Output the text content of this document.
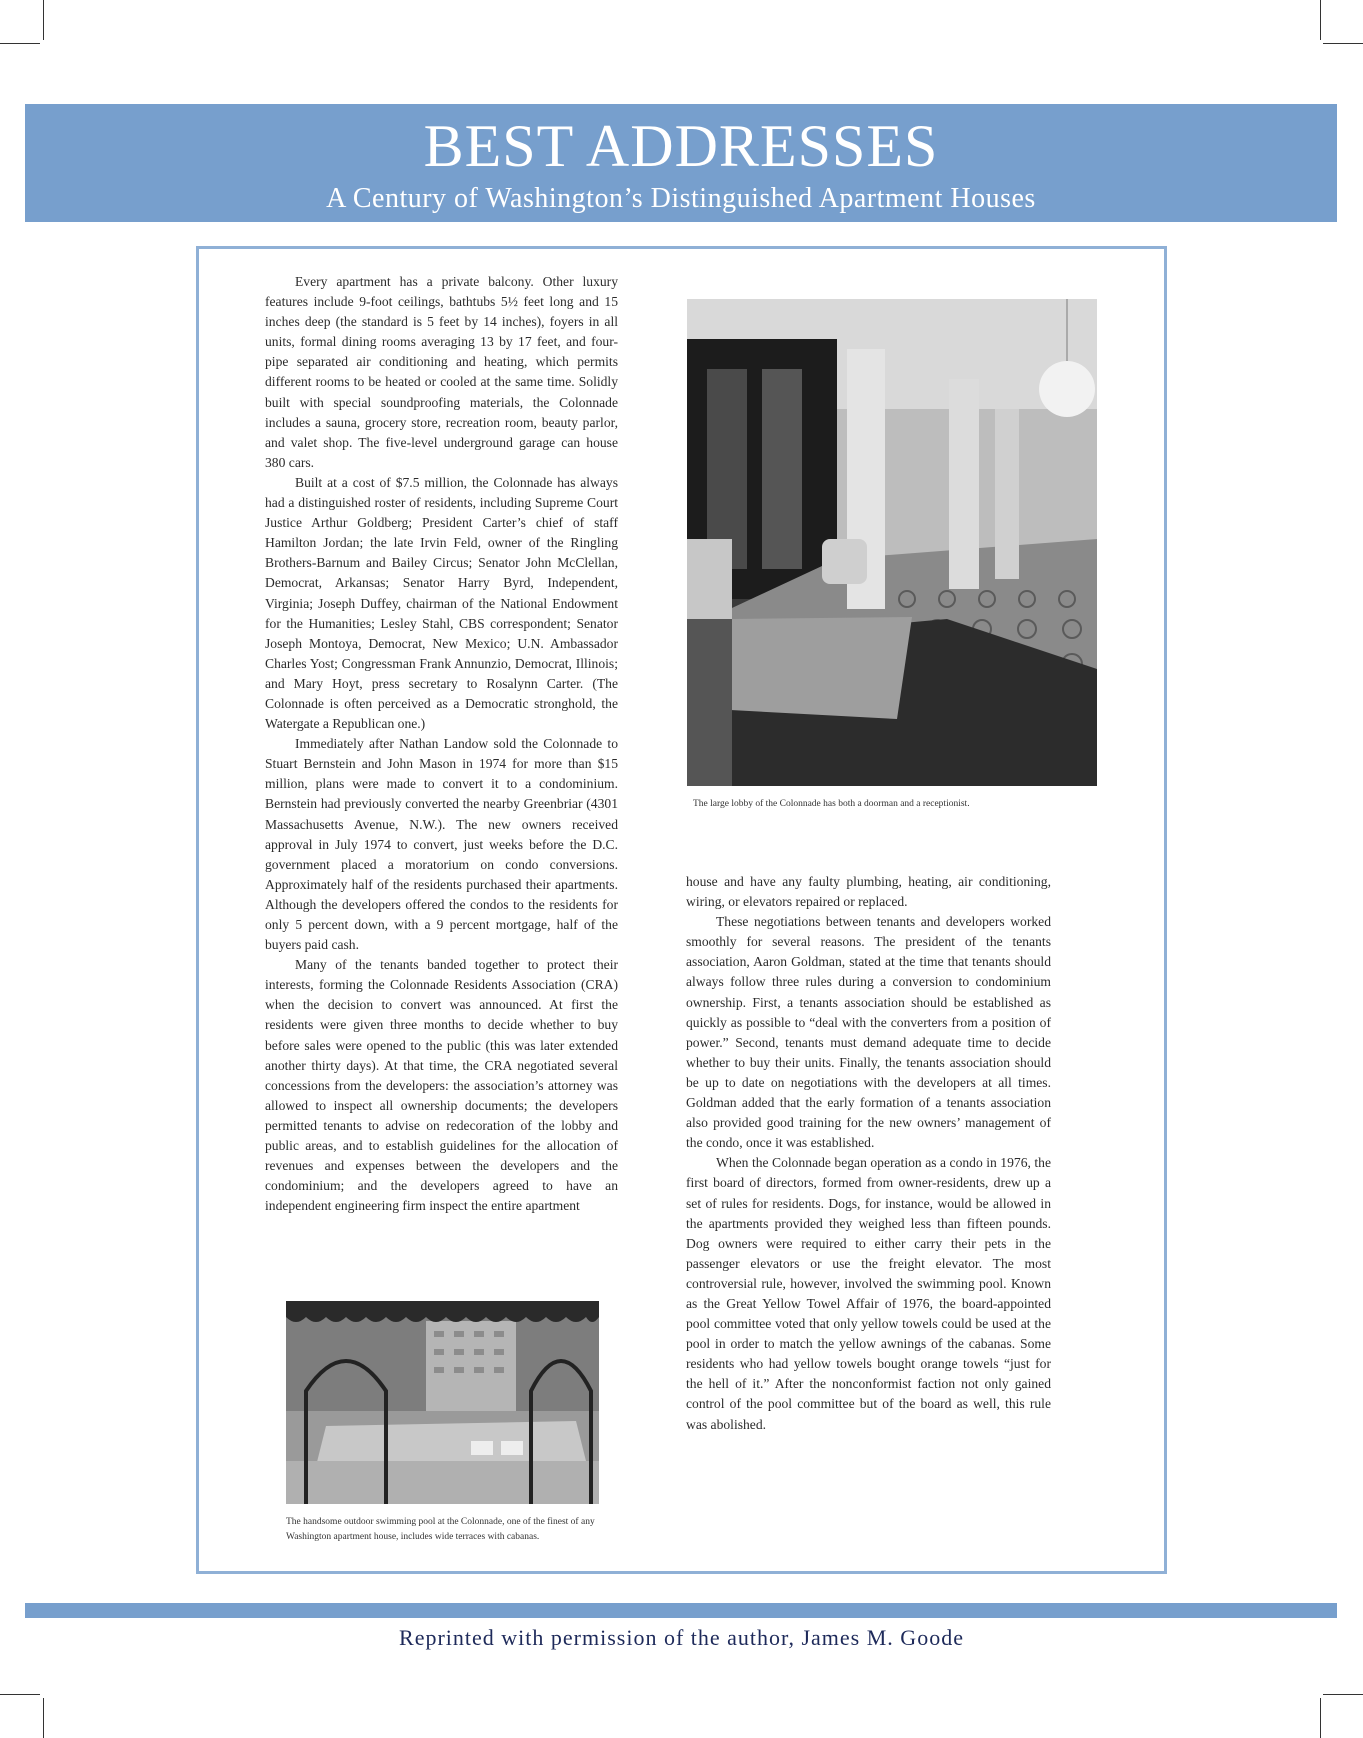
BEST ADDRESSES
A Century of Washington’s Distinguished Apartment Houses

Every apartment has a private balcony. Other luxury features include 9-foot ceilings, bathtubs 5½ feet long and 15 inches deep (the standard is 5 feet by 14 inches), foyers in all units, formal dining rooms averaging 13 by 17 feet, and four-pipe separated air conditioning and heating, which permits different rooms to be heated or cooled at the same time. Solidly built with special soundproofing materials, the Colonnade includes a sauna, grocery store, recreation room, beauty parlor, and valet shop. The five-level underground garage can house 380 cars.

Built at a cost of $7.5 million, the Colonnade has always had a distinguished roster of residents, including Supreme Court Justice Arthur Goldberg; President Carter’s chief of staff Hamilton Jordan; the late Irvin Feld, owner of the Ringling Brothers-Barnum and Bailey Circus; Senator John McClellan, Democrat, Arkansas; Senator Harry Byrd, Independent, Virginia; Joseph Duffey, chairman of the National Endowment for the Humanities; Lesley Stahl, CBS correspondent; Senator Joseph Montoya, Democrat, New Mexico; U.N. Ambassador Charles Yost; Congressman Frank Annunzio, Democrat, Illinois; and Mary Hoyt, press secretary to Rosalynn Carter. (The Colonnade is often perceived as a Democratic stronghold, the Watergate a Republican one.)

Immediately after Nathan Landow sold the Colonnade to Stuart Bernstein and John Mason in 1974 for more than $15 million, plans were made to convert it to a condominium. Bernstein had previously converted the nearby Greenbriar (4301 Massachusetts Avenue, N.W.). The new owners received approval in July 1974 to convert, just weeks before the D.C. government placed a moratorium on condo conversions. Approximately half of the residents purchased their apartments. Although the developers offered the condos to the residents for only 5 percent down, with a 9 percent mortgage, half of the buyers paid cash.

Many of the tenants banded together to protect their interests, forming the Colonnade Residents Association (CRA) when the decision to convert was announced. At first the residents were given three months to decide whether to buy before sales were opened to the public (this was later extended another thirty days). At that time, the CRA negotiated several concessions from the developers: the association’s attorney was allowed to inspect all ownership documents; the developers permitted tenants to advise on redecoration of the lobby and public areas, and to establish guidelines for the allocation of revenues and expenses between the developers and the condominium; and the developers agreed to have an independent engineering firm inspect the entire apartment

The large lobby of the Colonnade has both a doorman and a receptionist.

house and have any faulty plumbing, heating, air conditioning, wiring, or elevators repaired or replaced.

These negotiations between tenants and developers worked smoothly for several reasons. The president of the tenants association, Aaron Goldman, stated at the time that tenants should always follow three rules during a conversion to condominium ownership. First, a tenants association should be established as quickly as possible to “deal with the converters from a position of power.” Second, tenants must demand adequate time to decide whether to buy their units. Finally, the tenants association should be up to date on negotiations with the developers at all times. Goldman added that the early formation of a tenants association also provided good training for the new owners’ management of the condo, once it was established.

When the Colonnade began operation as a condo in 1976, the first board of directors, formed from owner-residents, drew up a set of rules for residents. Dogs, for instance, would be allowed in the apartments provided they weighed less than fifteen pounds. Dog owners were required to either carry their pets in the passenger elevators or use the freight elevator. The most controversial rule, however, involved the swimming pool. Known as the Great Yellow Towel Affair of 1976, the board-appointed pool committee voted that only yellow towels could be used at the pool in order to match the yellow awnings of the cabanas. Some residents who had yellow towels bought orange towels “just for the hell of it.” After the nonconformist faction not only gained control of the pool committee but of the board as well, this rule was abolished.

The handsome outdoor swimming pool at the Colonnade, one of the finest of any Washington apartment house, includes wide terraces with cabanas.
Reprinted with permission of the author, James M. Goode
